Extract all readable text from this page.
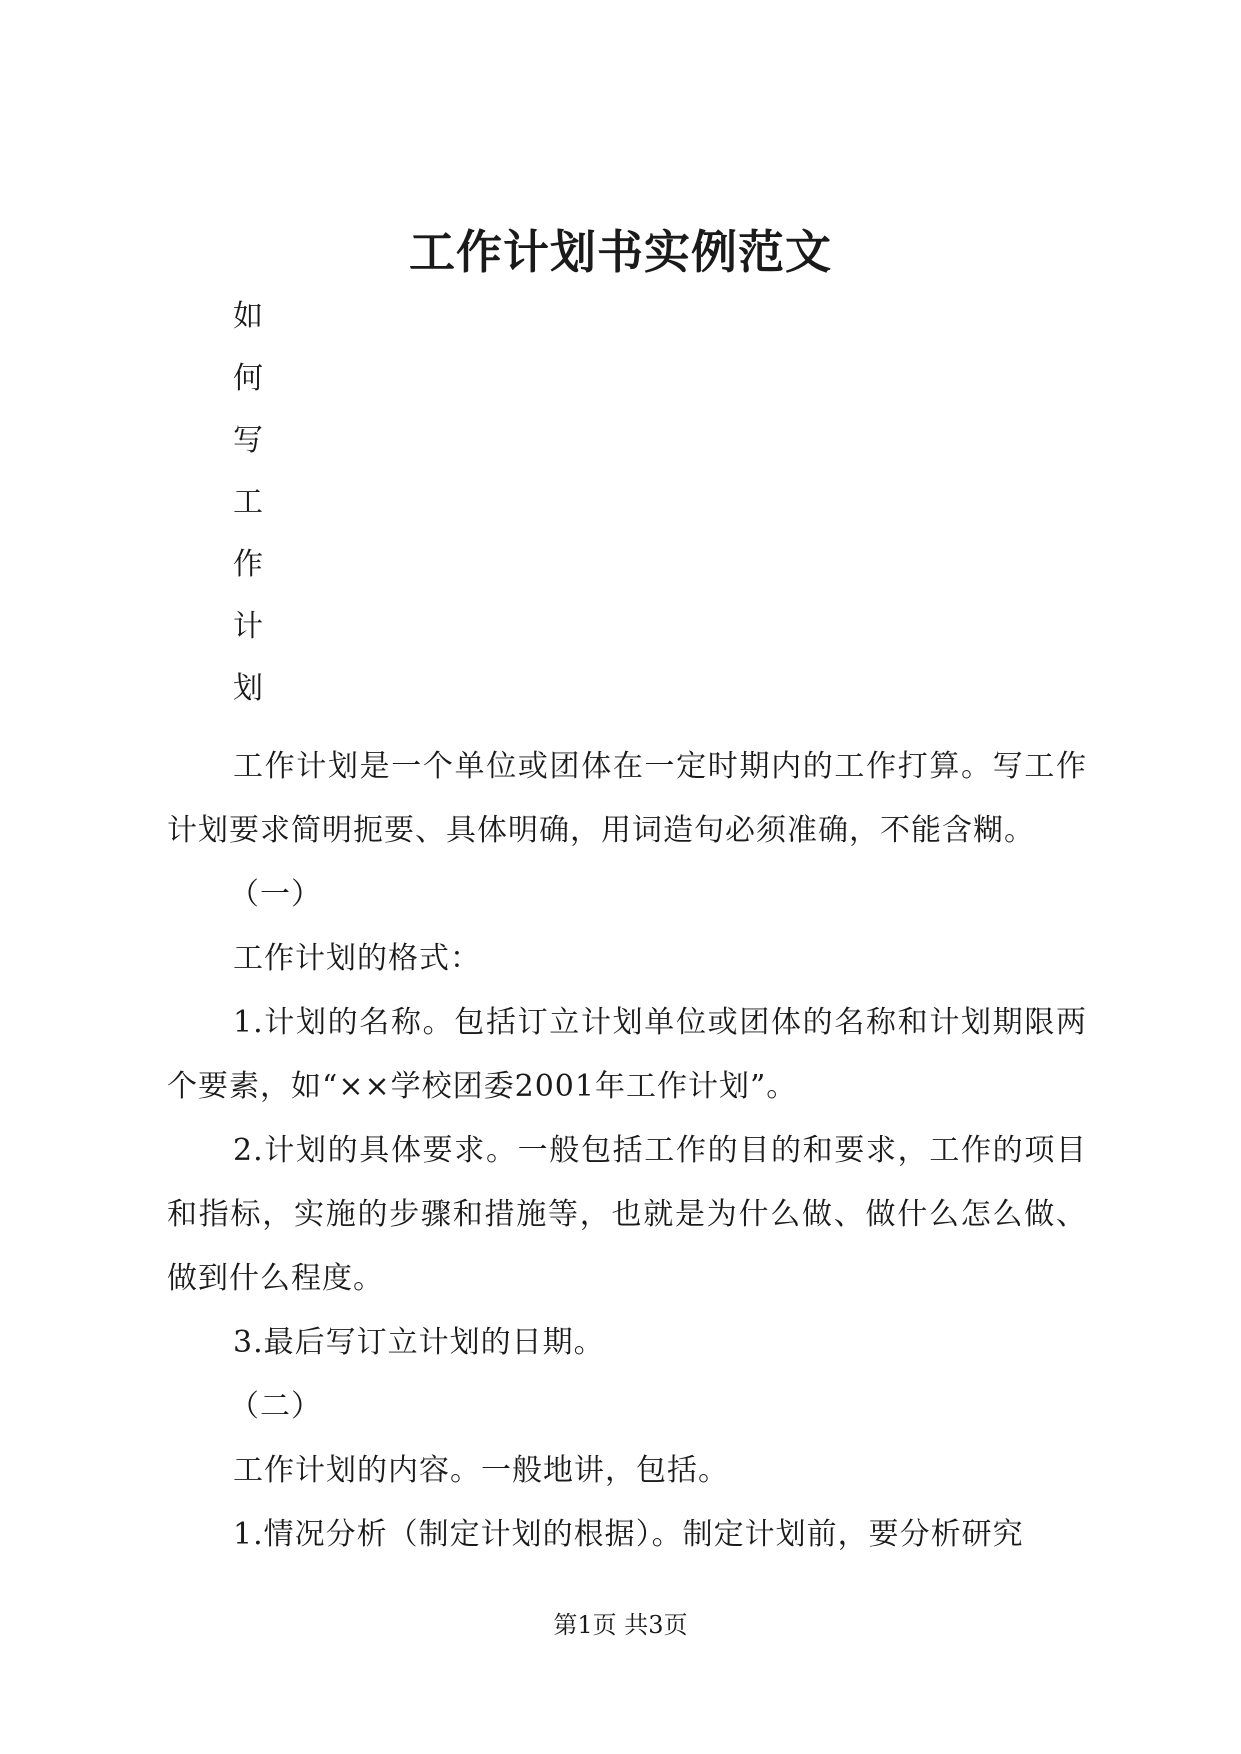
工作计划书实例范文

如

何

写

工

作

计

划

工作计划是一个单位或团体在一定时期内的工作打算。写工作计划要求简明扼要、具体明确，用词造句必须准确，不能含糊。

（一）

工作计划的格式：

1.计划的名称。包括订立计划单位或团体的名称和计划期限两个要素，如“××学校团委2001年工作计划”。

2.计划的具体要求。一般包括工作的目的和要求，工作的项目和指标，实施的步骤和措施等，也就是为什么做、做什么怎么做、做到什么程度。

3.最后写订立计划的日期。

（二）

工作计划的内容。一般地讲，包括。

1.情况分析（制定计划的根据）。制定计划前，要分析研究

第1页 共3页
